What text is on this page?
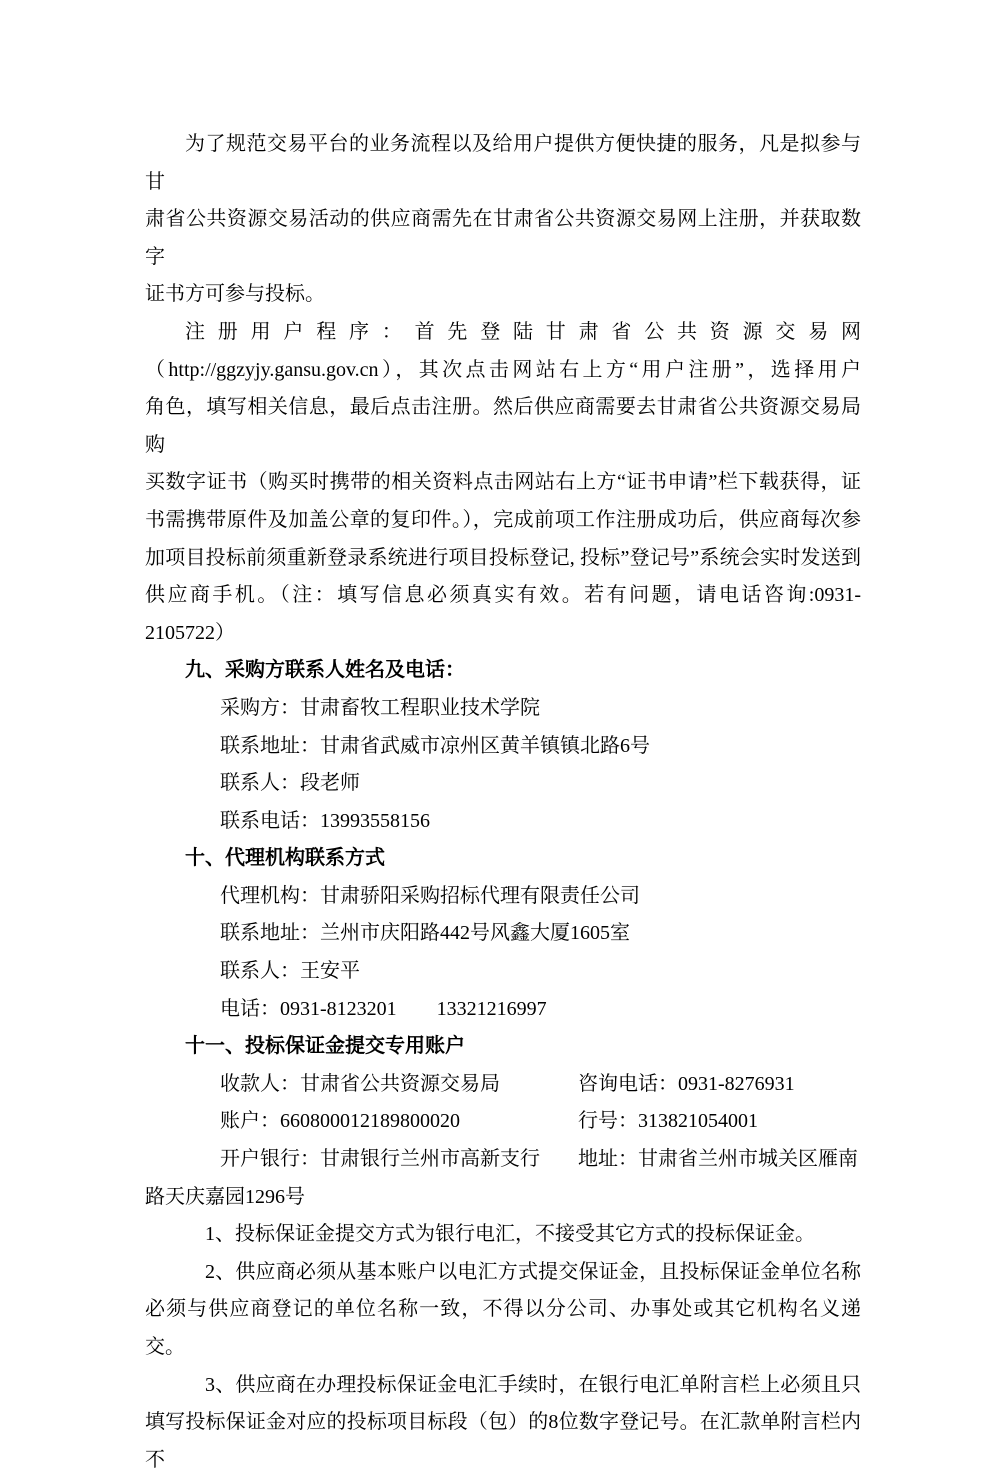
为了规范交易平台的业务流程以及给用户提供方便快捷的服务，凡是拟参与甘
肃省公共资源交易活动的供应商需先在甘肃省公共资源交易网上注册，并获取数字
证书方可参与投标。
注册用户程序：首先登陆甘肃省公共资源交易网
（http://ggzyjy.gansu.gov.cn），其次点击网站右上方“用户注册”，选择用户
角色，填写相关信息，最后点击注册。然后供应商需要去甘肃省公共资源交易局购
买数字证书（购买时携带的相关资料点击网站右上方“证书申请”栏下载获得，证
书需携带原件及加盖公章的复印件。），完成前项工作注册成功后，供应商每次参
加项目投标前须重新登录系统进行项目投标登记, 投标”登记号”系统会实时发送到
供应商手机。（注：填写信息必须真实有效。若有问题，请电话咨询:0931-2105722）
九、采购方联系人姓名及电话：
采购方：甘肃畜牧工程职业技术学院
联系地址：甘肃省武威市凉州区黄羊镇镇北路6号
联系人：段老师
联系电话：13993558156
十、代理机构联系方式
代理机构：甘肃骄阳采购招标代理有限责任公司
联系地址：兰州市庆阳路442号风鑫大厦1605室
联系人：王安平
电话：0931-8123201　　13321216997
十一、投标保证金提交专用账户
收款人：甘肃省公共资源交易局	咨询电话：0931-8276931
账户：660800012189800020	行号：313821054001
开户银行：甘肃银行兰州市高新支行	地址：甘肃省兰州市城关区雁南
路天庆嘉园1296号
1、投标保证金提交方式为银行电汇，不接受其它方式的投标保证金。
2、供应商必须从基本账户以电汇方式提交保证金，且投标保证金单位名称
必须与供应商登记的单位名称一致，不得以分公司、办事处或其它机构名义递交。
3、供应商在办理投标保证金电汇手续时，在银行电汇单附言栏上必须且只
填写投标保证金对应的投标项目标段（包）的8位数字登记号。在汇款单附言栏内不
